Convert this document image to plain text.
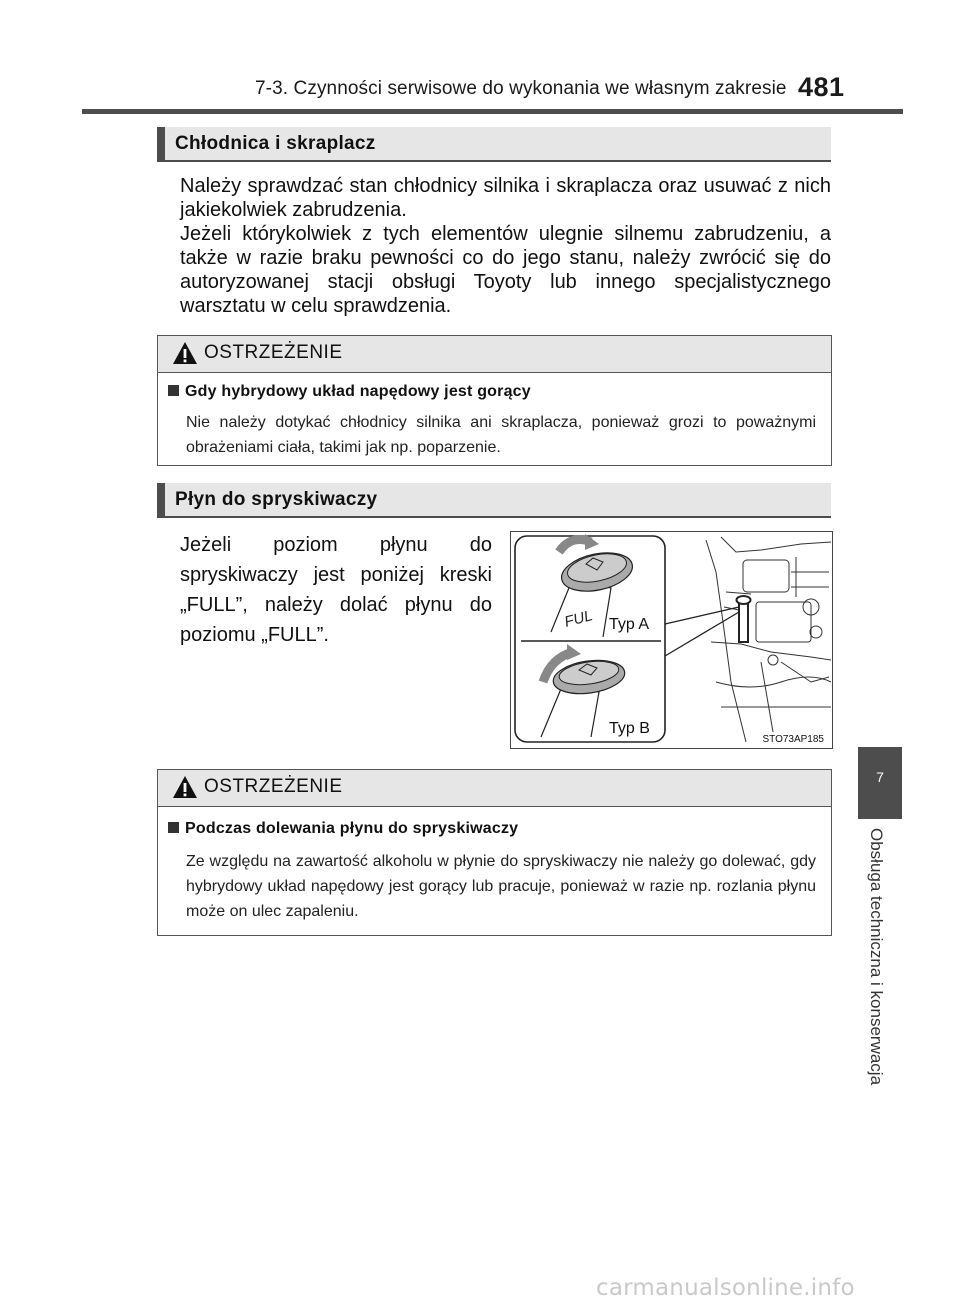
7-3. Czynności serwisowe do wykonania we własnym zakresie 481
Chłodnica i skraplacz

Należy sprawdzać stan chłodnicy silnika i skraplacza oraz usuwać z nich jakiekolwiek zabrudzenia.

Jeżeli którykolwiek z tych elementów ulegnie silnemu zabrudzeniu, a także w razie braku pewności co do jego stanu, należy zwrócić się do autoryzowanej stacji obsługi Toyoty lub innego specjalistycznego warsztatu w celu sprawdzenia.

OSTRZEŻENIE
Gdy hybrydowy układ napędowy jest gorący

Nie należy dotykać chłodnicy silnika ani skraplacza, ponieważ grozi to poważnymi obrażeniami ciała, takimi jak np. poparzenie.

Płyn do spryskiwaczy

Jeżeli poziom płynu do spryskiwaczy jest poniżej kreski „FULL”, należy dolać płynu do poziomu „FULL”.

FUL Typ A
Typ B
STO73AP185
OSTRZEŻENIE
Podczas dolewania płynu do spryskiwaczy

Ze względu na zawartość alkoholu w płynie do spryskiwaczy nie należy go dolewać, gdy hybrydowy układ napędowy jest gorący lub pracuje, ponieważ w razie np. rozlania płynu może on ulec zapaleniu.

7
Obsługa techniczna i konserwacja
carmanualsonline.info
